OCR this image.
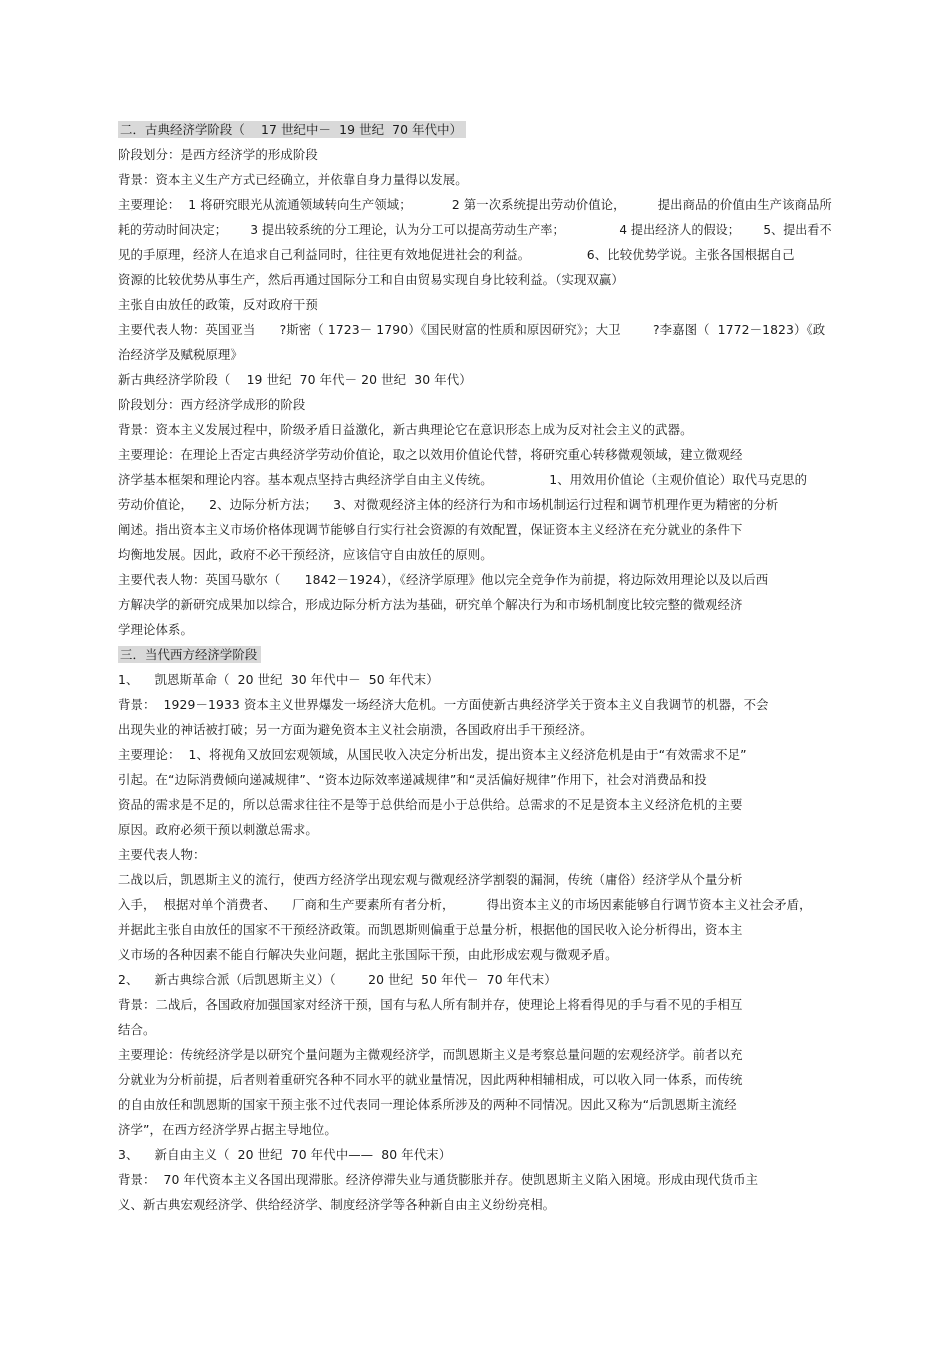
二．古典经济学阶段（    17 世纪中－  19 世纪  70 年代中）
阶段划分：是西方经济学的形成阶段
背景：资本主义生产方式已经确立，并依靠自身力量得以发展。
主要理论：  1 将研究眼光从流通领域转向生产领域；          2 第一次系统提出劳动价值论，        提出商品的价值由生产该商品所
耗的劳动时间决定；      3 提出较系统的分工理论，认为分工可以提高劳动生产率；              4 提出经济人的假设；      5、提出看不
见的手原理，经济人在追求自己利益同时，往往更有效地促进社会的利益。              6、比较优势学说。主张各国根据自己
资源的比较优势从事生产，然后再通过国际分工和自由贸易实现自身比较利益。（实现双赢）
主张自由放任的政策，反对政府干预
主要代表人物：英国亚当      ?斯密（ 1723－ 1790）《国民财富的性质和原因研究》；大卫        ?李嘉图（  1772－1823）《政
治经济学及赋税原理》
新古典经济学阶段（    19 世纪  70 年代－ 20 世纪  30 年代）
阶段划分：西方经济学成形的阶段
背景：资本主义发展过程中，阶级矛盾日益激化，新古典理论它在意识形态上成为反对社会主义的武器。
主要理论：在理论上否定古典经济学劳动价值论，取之以效用价值论代替，将研究重心转移微观领域，建立微观经
济学基本框架和理论内容。基本观点坚持古典经济学自由主义传统。              1、用效用价值论（主观价值论）取代马克思的
劳动价值论，    2、边际分析方法；    3、对微观经济主体的经济行为和市场机制运行过程和调节机理作更为精密的分析
阐述。指出资本主义市场价格体现调节能够自行实行社会资源的有效配置，保证资本主义经济在充分就业的条件下
均衡地发展。因此，政府不必干预经济，应该信守自由放任的原则。
主要代表人物：英国马歇尔（      1842－1924），《经济学原理》他以完全竞争作为前提，将边际效用理论以及以后西
方解决学的新研究成果加以综合，形成边际分析方法为基础，研究单个解决行为和市场机制度比较完整的微观经济
学理论体系。
三．当代西方经济学阶段
1、    凯恩斯革命（  20 世纪  30 年代中－  50 年代末）
背景：  1929－1933 资本主义世界爆发一场经济大危机。一方面使新古典经济学关于资本主义自我调节的机器，不会
出现失业的神话被打破；另一方面为避免资本主义社会崩溃，各国政府出手干预经济。
主要理论：  1、将视角又放回宏观领域，从国民收入决定分析出发，提出资本主义经济危机是由于“有效需求不足”
引起。在“边际消费倾向递减规律”、“资本边际效率递减规律”和“灵活偏好规律”作用下，社会对消费品和投
资品的需求是不足的，所以总需求往往不是等于总供给而是小于总供给。总需求的不足是资本主义经济危机的主要
原因。政府必须干预以刺激总需求。
主要代表人物：
二战以后，凯恩斯主义的流行，使西方经济学出现宏观与微观经济学割裂的漏洞，传统（庸俗）经济学从个量分析
入手，  根据对单个消费者、    厂商和生产要素所有者分析，        得出资本主义的市场因素能够自行调节资本主义社会矛盾，
并据此主张自由放任的国家不干预经济政策。而凯恩斯则偏重于总量分析，根据他的国民收入论分析得出，资本主
义市场的各种因素不能自行解决失业问题，据此主张国际干预，由此形成宏观与微观矛盾。
2、    新古典综合派（后凯恩斯主义）（        20 世纪  50 年代－  70 年代末）
背景：二战后，各国政府加强国家对经济干预，国有与私人所有制并存，使理论上将看得见的手与看不见的手相互
结合。
主要理论：传统经济学是以研究个量问题为主微观经济学，而凯恩斯主义是考察总量问题的宏观经济学。前者以充
分就业为分析前提，后者则着重研究各种不同水平的就业量情况，因此两种相辅相成，可以收入同一体系，而传统
的自由放任和凯恩斯的国家干预主张不过代表同一理论体系所涉及的两种不同情况。因此又称为“后凯恩斯主流经
济学”，在西方经济学界占据主导地位。
3、    新自由主义（  20 世纪  70 年代中——  80 年代末）
背景：  70 年代资本主义各国出现滞胀。经济停滞失业与通货膨胀并存。使凯恩斯主义陷入困境。形成由现代货币主
义、新古典宏观经济学、供给经济学、制度经济学等各种新自由主义纷纷亮相。
